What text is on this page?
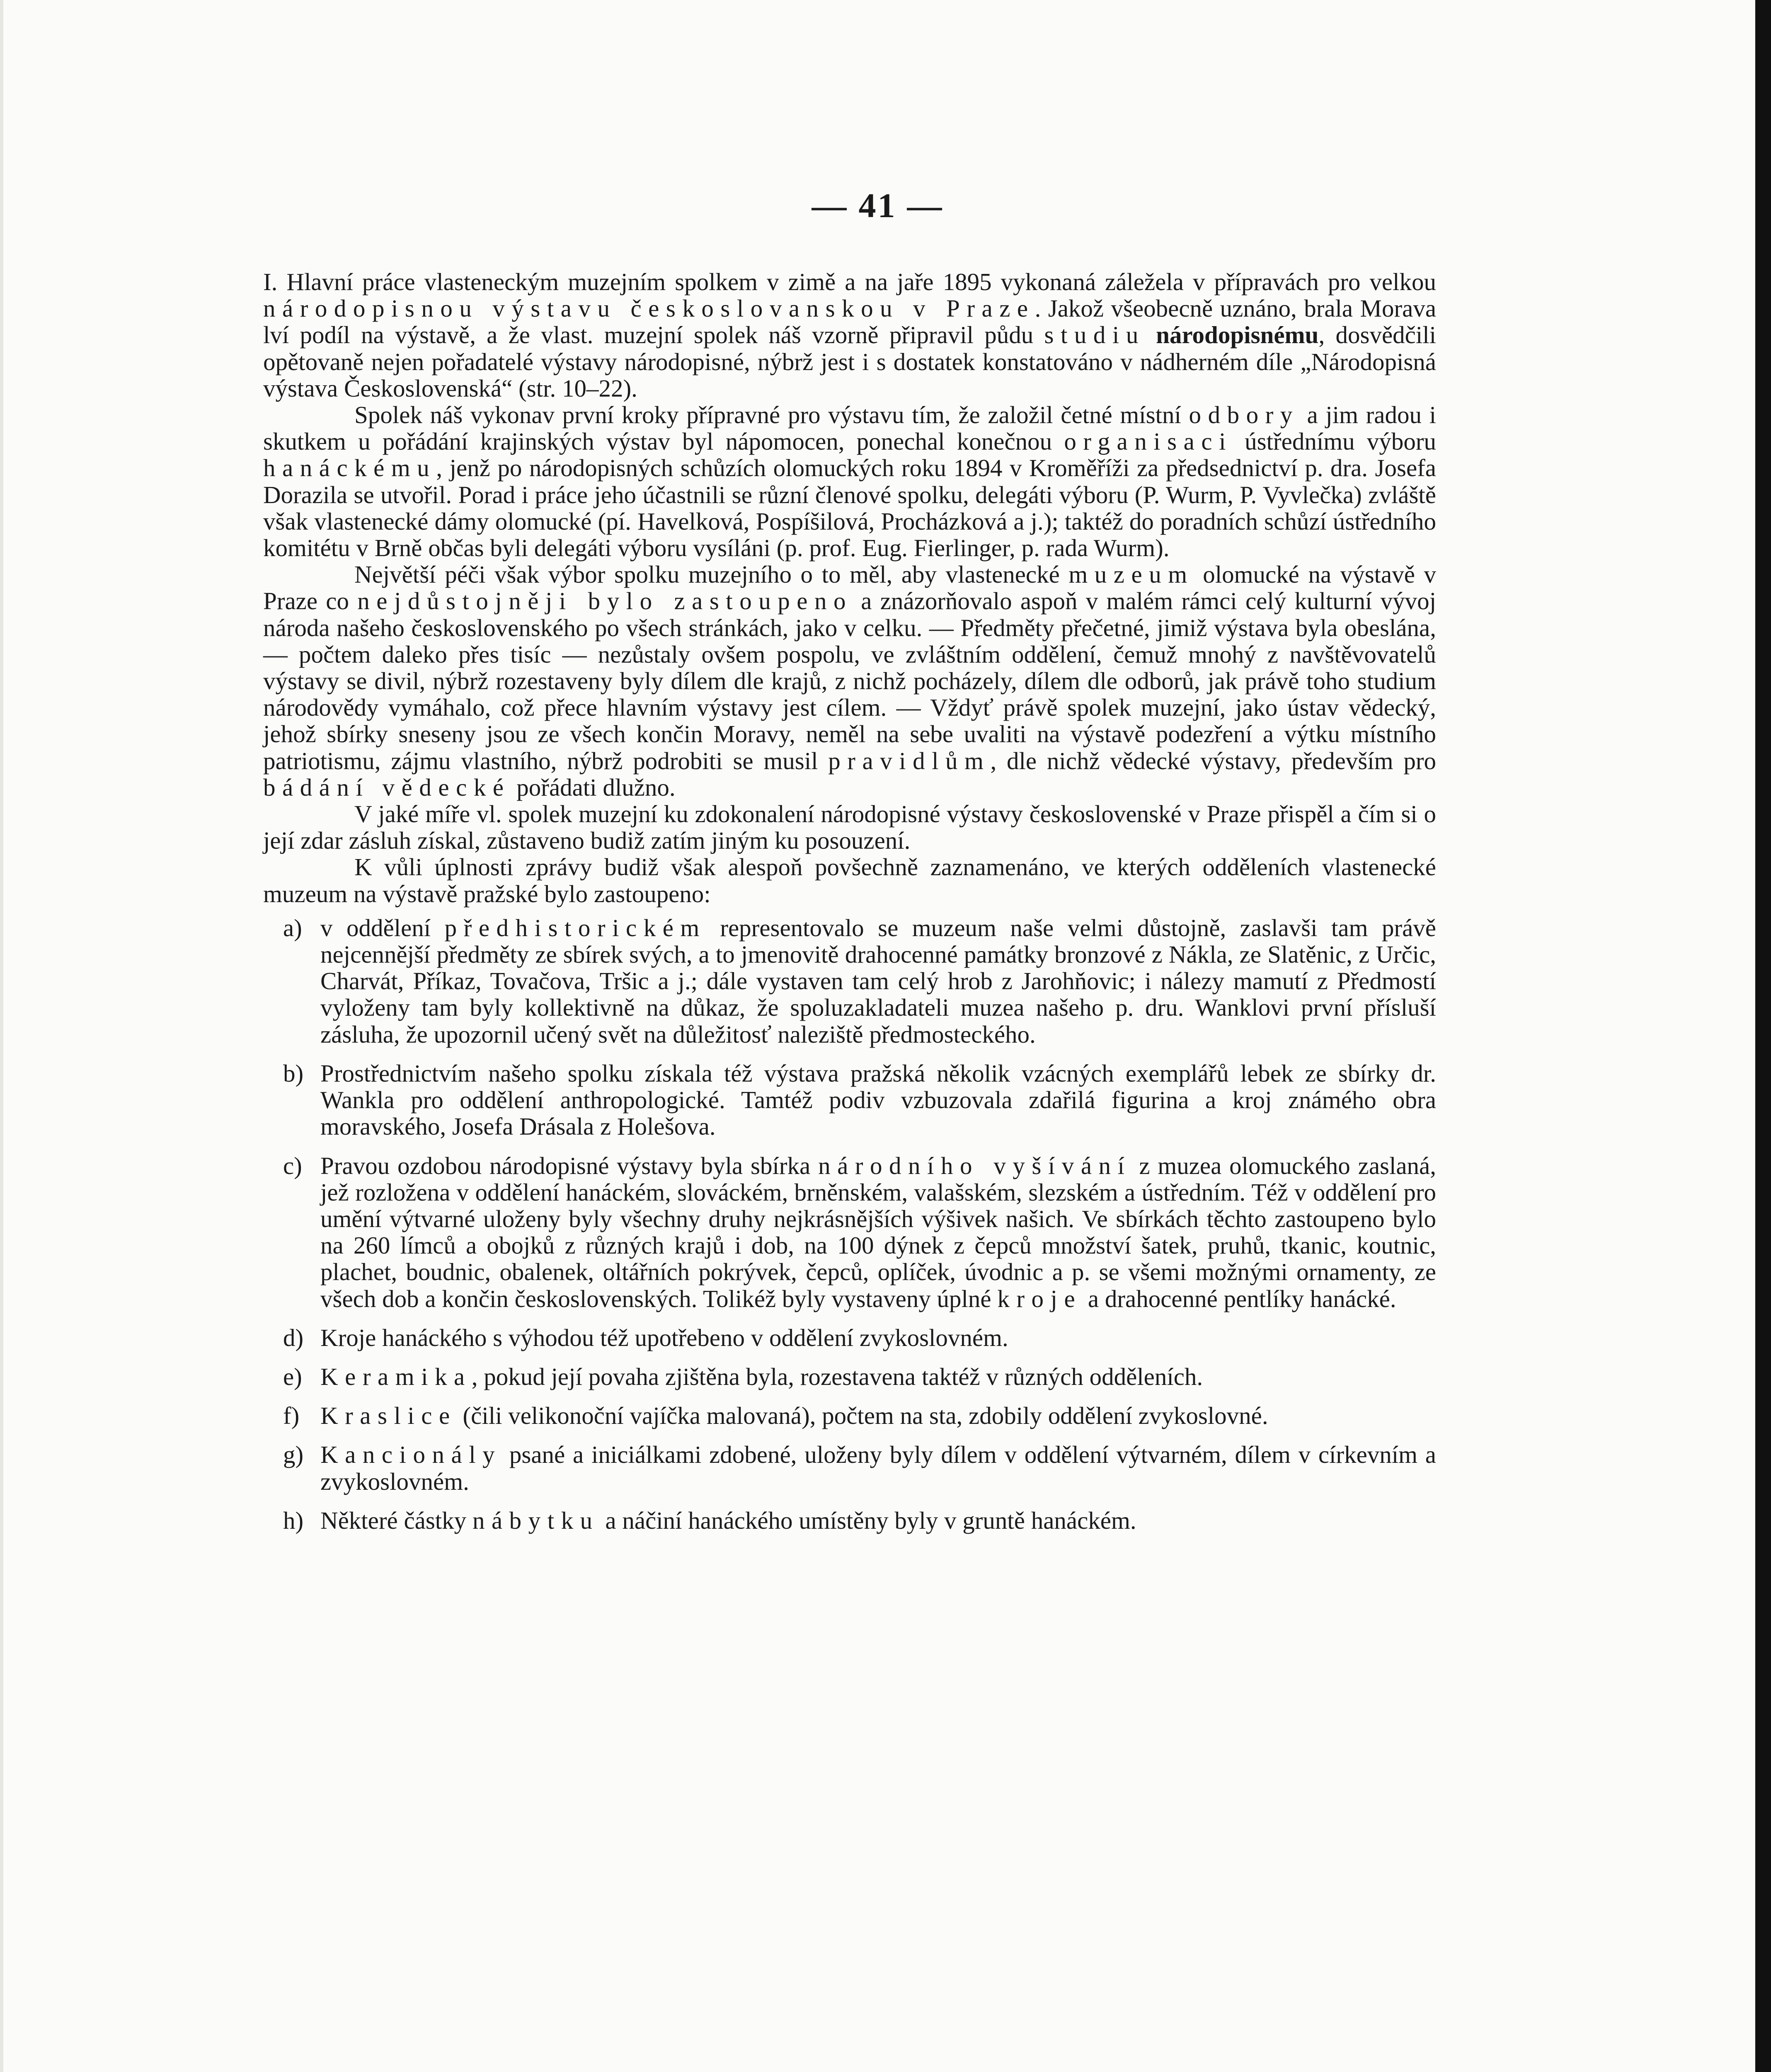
— 41 —

I. Hlavní práce vlasteneckým muzejním spolkem v zimě a na jaře 1895 vykonaná záležela v přípravách pro velkou národopisnou výstavu českoslovanskou v Praze. Jakož všeobecně uznáno, brala Morava lví podíl na výstavě, a že vlast. muzejní spolek náš vzorně připravil půdu studiu národopisnému, dosvědčili opětovaně nejen pořadatelé výstavy národopisné, nýbrž jest i s dostatek konstatováno v nádherném díle „Národopisná výstava Československá“ (str. 10–22).

Spolek náš vykonav první kroky přípravné pro výstavu tím, že založil četné místní odbory a jim radou i skutkem u pořádání krajinských výstav byl nápomocen, ponechal konečnou organisaci ústřednímu výboru hanáckému, jenž po národopisných schůzích olomuckých roku 1894 v Kroměříži za předsednictví p. dra. Josefa Dorazila se utvořil. Porad i práce jeho účastnili se různí členové spolku, delegáti výboru (P. Wurm, P. Vyvlečka) zvláště však vlastenecké dámy olomucké (pí. Havelková, Pospíšilová, Procházková a j.); taktéž do poradních schůzí ústředního komitétu v Brně občas byli delegáti výboru vysíláni (p. prof. Eug. Fierlinger, p. rada Wurm).

Největší péči však výbor spolku muzejního o to měl, aby vlastenecké muzeum olomucké na výstavě v Praze co nejdůstojněji bylo zastoupeno a znázorňovalo aspoň v malém rámci celý kulturní vývoj národa našeho československého po všech stránkách, jako v celku. — Předměty přečetné, jimiž výstava byla obeslána, — počtem daleko přes tisíc — nezůstaly ovšem pospolu, ve zvláštním oddělení, čemuž mnohý z navštěvovatelů výstavy se divil, nýbrž rozestaveny byly dílem dle krajů, z nichž pocházely, dílem dle odborů, jak právě toho studium národovědy vymáhalo, což přece hlavním výstavy jest cílem. — Vždyť právě spolek muzejní, jako ústav vědecký, jehož sbírky sneseny jsou ze všech končin Moravy, neměl na sebe uvaliti na výstavě podezření a výtku místního patriotismu, zájmu vlastního, nýbrž podrobiti se musil pravidlům, dle nichž vědecké výstavy, především pro bádání vědecké pořádati dlužno.

V jaké míře vl. spolek muzejní ku zdokonalení národopisné výstavy československé v Praze přispěl a čím si o její zdar zásluh získal, zůstaveno budiž zatím jiným ku posouzení.

K vůli úplnosti zprávy budiž však alespoň povšechně zaznamenáno, ve kterých odděleních vlastenecké muzeum na výstavě pražské bylo zastoupeno:

a) v oddělení předhistorickém representovalo se muzeum naše velmi důstojně, zaslavši tam právě nejcennější předměty ze sbírek svých, a to jmenovitě drahocenné památky bronzové z Nákla, ze Slatěnic, z Určic, Charvát, Příkaz, Tovačova, Tršic a j.; dále vystaven tam celý hrob z Jarohňovic; i nálezy mamutí z Předmostí vyloženy tam byly kollektivně na důkaz, že spoluzakladateli muzea našeho p. dru. Wanklovi první přísluší zásluha, že upozornil učený svět na důležitosť naleziště předmosteckého.
b) Prostřednictvím našeho spolku získala též výstava pražská několik vzácných exemplářů lebek ze sbírky dr. Wankla pro oddělení anthropologické. Tamtéž podiv vzbuzovala zdařilá figurina a kroj známého obra moravského, Josefa Drásala z Holešova.
c) Pravou ozdobou národopisné výstavy byla sbírka národního vyšívání z muzea olomuckého zaslaná, jež rozložena v oddělení hanáckém, slováckém, brněnském, valašském, slezském a ústředním. Též v oddělení pro umění výtvarné uloženy byly všechny druhy nejkrásnějších výšivek našich. Ve sbírkách těchto zastoupeno bylo na 260 límců a obojků z různých krajů i dob, na 100 dýnek z čepců množství šatek, pruhů, tkanic, koutnic, plachet, boudnic, obalenek, oltářních pokrývek, čepců, oplíček, úvodnic a p. se všemi možnými ornamenty, ze všech dob a končin československých. Tolikéž byly vystaveny úplné kroje a drahocenné pentlíky hanácké.
d) Kroje hanáckého s výhodou též upotřebeno v oddělení zvykoslovném.
e) Keramika, pokud její povaha zjištěna byla, rozestavena taktéž v různých odděleních.
f) Kraslice (čili velikonoční vajíčka malovaná), počtem na sta, zdobily oddělení zvykoslovné.
g) Kancionály psané a iniciálkami zdobené, uloženy byly dílem v oddělení výtvarném, dílem v církevním a zvykoslovném.
h) Některé částky nábytku a náčiní hanáckého umístěny byly v gruntě hanáckém.
